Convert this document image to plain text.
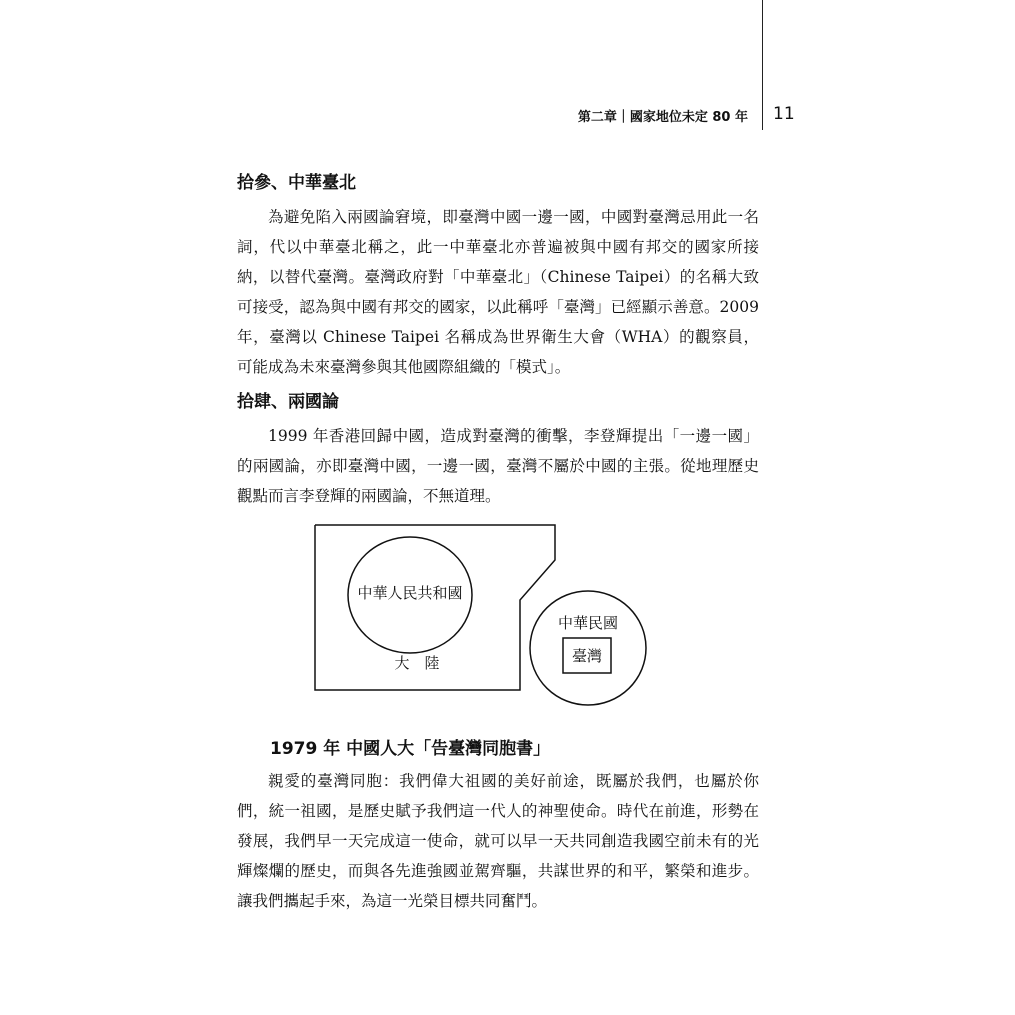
第二章｜國家地位未定 80 年 11
拾參、中華臺北
為避免陷入兩國論窘境，即臺灣中國一邊一國，中國對臺灣忌用此一名詞，代以中華臺北稱之，此一中華臺北亦普遍被與中國有邦交的國家所接納，以替代臺灣。臺灣政府對「中華臺北」（Chinese Taipei）的名稱大致可接受，認為與中國有邦交的國家，以此稱呼「臺灣」已經顯示善意。2009 年，臺灣以 Chinese Taipei 名稱成為世界衛生大會（WHA）的觀察員，可能成為未來臺灣參與其他國際組織的「模式」。
拾肆、兩國論
1999 年香港回歸中國，造成對臺灣的衝擊，李登輝提出「一邊一國」的兩國論，亦即臺灣中國，一邊一國，臺灣不屬於中國的主張。從地理歷史觀點而言李登輝的兩國論，不無道理。
中華人民共和國
大　陸
中華民國
臺灣
1979 年 中國人大「告臺灣同胞書」
親愛的臺灣同胞：我們偉大祖國的美好前途，既屬於我們，也屬於你們，統一祖國，是歷史賦予我們這一代人的神聖使命。時代在前進，形勢在發展，我們早一天完成這一使命，就可以早一天共同創造我國空前未有的光輝燦爛的歷史，而與各先進強國並駕齊驅，共謀世界的和平，繁榮和進步。讓我們攜起手來，為這一光榮目標共同奮鬥。
